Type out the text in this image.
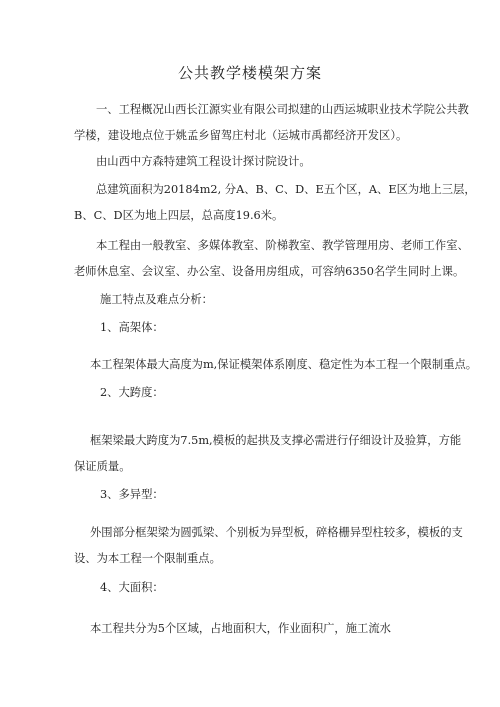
公共教学楼模架方案
一、工程概况山西长江源实业有限公司拟建的山西运城职业技术学院公共教
学楼，建设地点位于姚孟乡留驾庄村北（运城市禹都经济开发区）。
由山西中方森特建筑工程设计探讨院设计。
总建筑面积为20184m2, 分A、B、C、D、E五个区，A、E区为地上三层，
B、C、D区为地上四层，总高度19.6米。
本工程由一般教室、多媒体教室、阶梯教室、教学管理用房、老师工作室、
老师休息室、会议室、办公室、设备用房组成，可容纳6350名学生同时上课。
施工特点及难点分析：
1、高架体：
本工程架体最大高度为m,保证模架体系刚度、稳定性为本工程一个限制重点。
2、大跨度：
框架梁最大跨度为7.5m,模板的起拱及支撑必需进行仔细设计及验算，方能
保证质量。
3、多异型：
外围部分框架梁为圆弧梁、个别板为异型板，碎格栅异型柱较多，模板的支
设、为本工程一个限制重点。
4、大面积：
本工程共分为5个区域，占地面积大，作业面积广，施工流水
